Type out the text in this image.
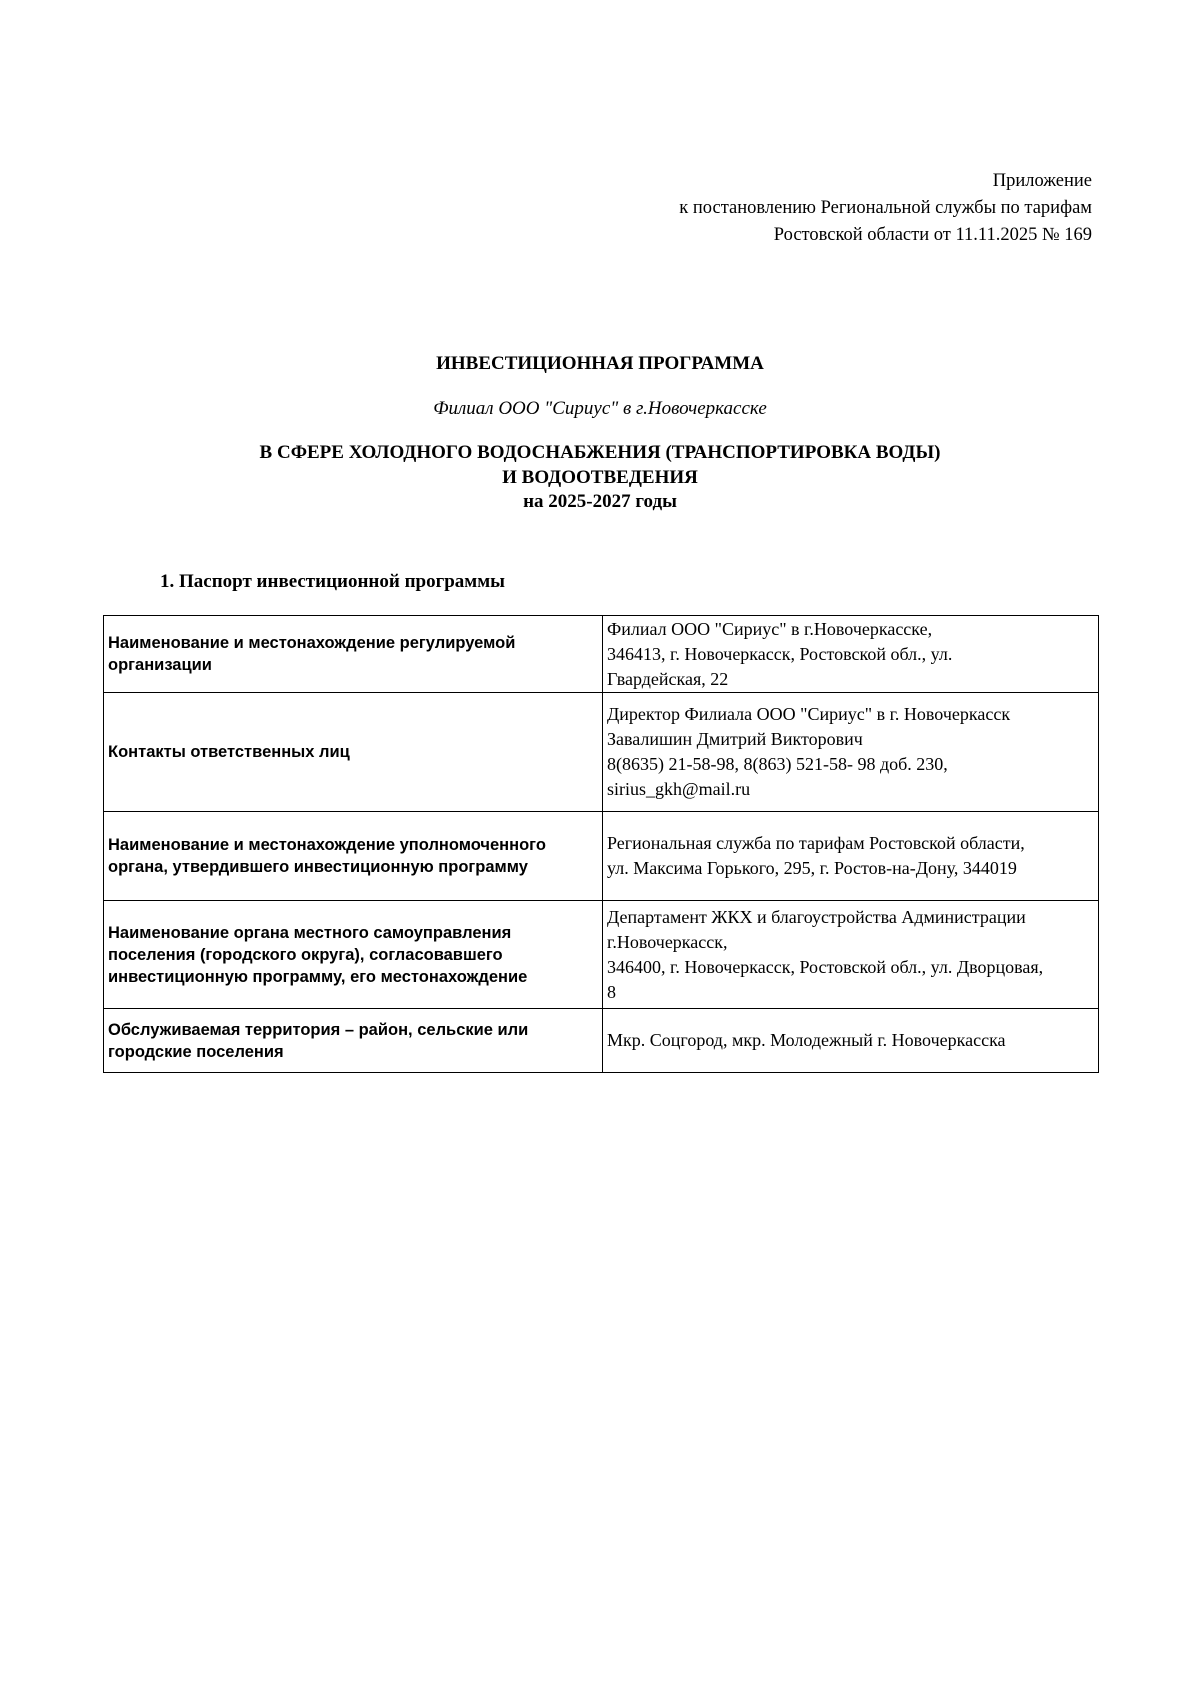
Приложение
к постановлению Региональной службы по тарифам
Ростовской области от 11.11.2025 № 169
ИНВЕСТИЦИОННАЯ ПРОГРАММА
Филиал ООО "Сириус" в г.Новочеркасске
В СФЕРЕ ХОЛОДНОГО ВОДОСНАБЖЕНИЯ (ТРАНСПОРТИРОВКА ВОДЫ)
И ВОДООТВЕДЕНИЯ
на 2025-2027 годы
1. Паспорт инвестиционной программы
Наименование и местонахождение регулируемой организации	Филиал ООО "Сириус" в г.Новочеркасске,
346413, г. Новочеркасск, Ростовской обл., ул.
Гвардейская, 22

Контакты ответственных лиц	Директор Филиала ООО "Сириус" в г. Новочеркасск
Завалишин Дмитрий Викторович
8(8635) 21-58-98, 8(863) 521-58- 98 доб. 230,
sirius_gkh@mail.ru

Наименование и местонахождение уполномоченного органа, утвердившего инвестиционную программу	Региональная служба по тарифам Ростовской области,
ул. Максима Горького, 295, г. Ростов-на-Дону, 344019

Наименование органа местного самоуправления поселения (городского округа), согласовавшего инвестиционную программу, его местонахождение	Департамент ЖКХ и благоустройства Администрации
г.Новочеркасск,
346400, г. Новочеркасск, Ростовской обл., ул. Дворцовая,
8

Обслуживаемая территория – район, сельские или городские поселения	Мкр. Соцгород, мкр. Молодежный г. Новочеркасска
